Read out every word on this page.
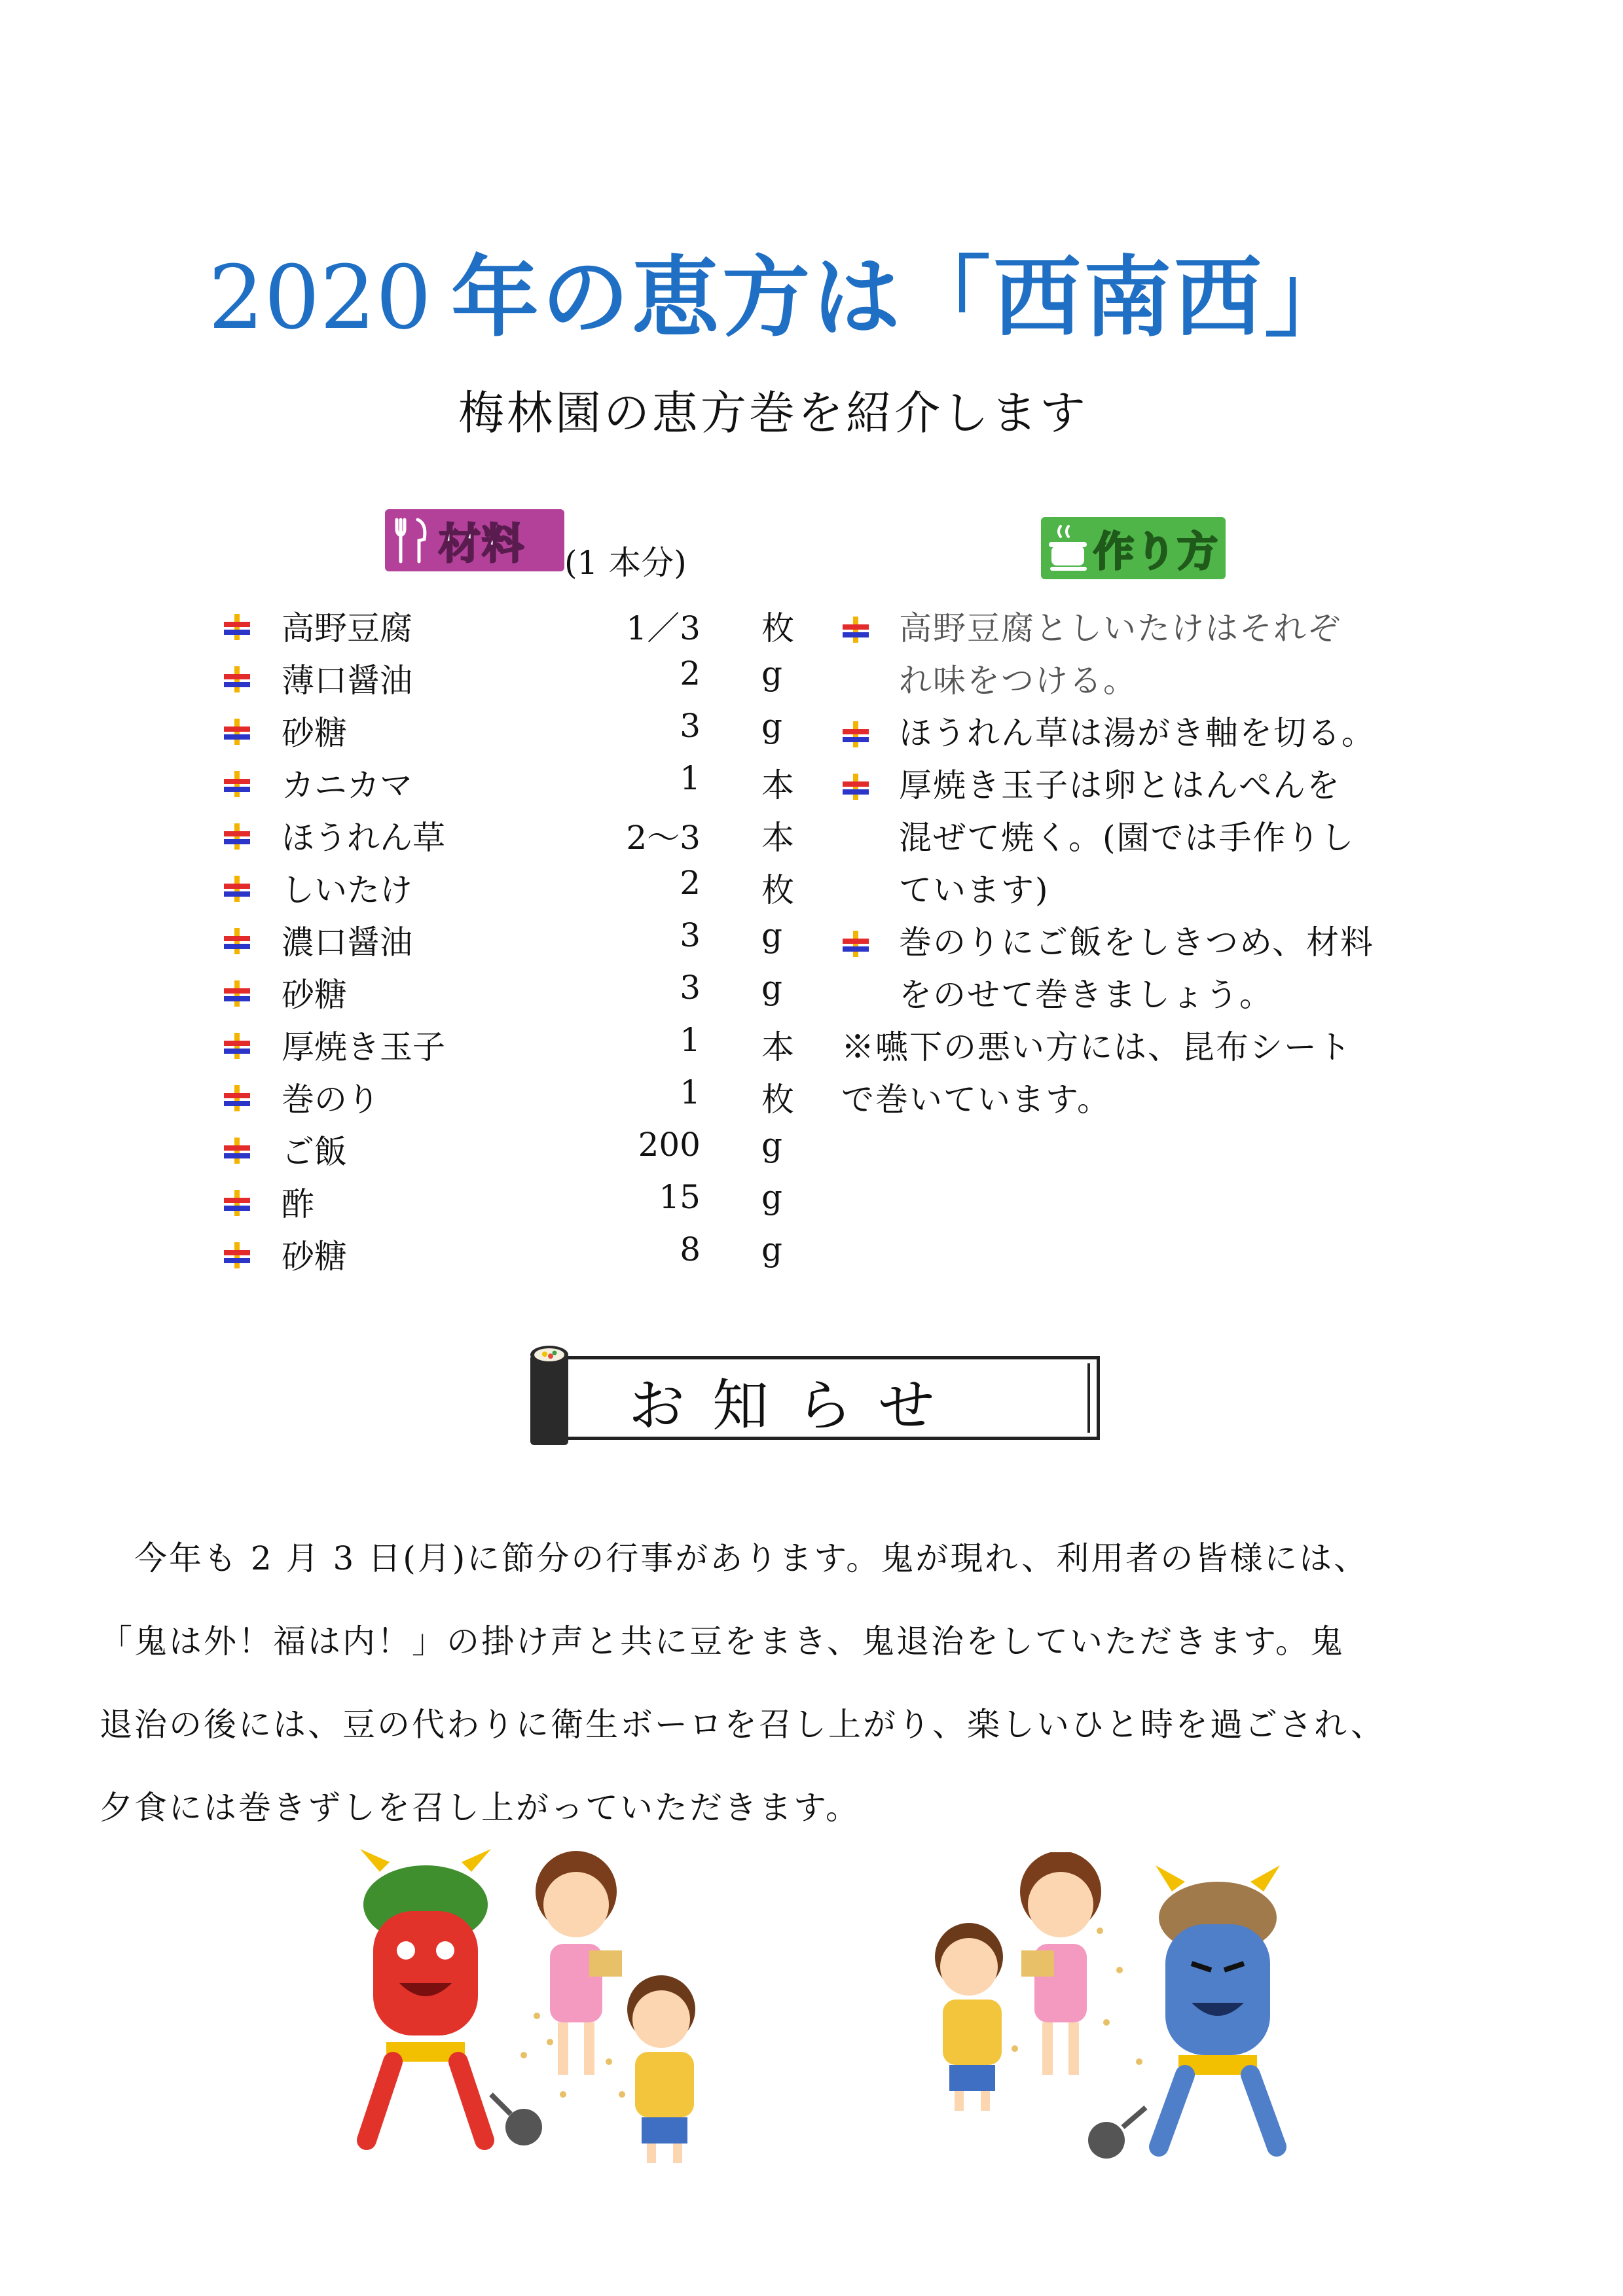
2020 年の恵方は「西南西」
梅林園の恵方巻を紹介します
材料 (1 本分)	作り方
高野豆腐	1／3 枚
薄口醤油	2 g
砂糖	3 g
カニカマ	1 本
ほうれん草	2〜3 本
しいたけ	2 枚
濃口醤油	3 g
砂糖	3 g
厚焼き玉子	1 本
巻のり	1 枚
ご飯	200 g
酢	15 g
砂糖	8 g
高野豆腐としいたけはそれぞ
れ味をつける。
ほうれん草は湯がき軸を切る。
厚焼き玉子は卵とはんぺんを
混ぜて焼く。(園では手作りし
ています)
巻のりにご飯をしきつめ、材料
をのせて巻きましょう。
※嚥下の悪い方には、昆布シート
で巻いています。
お知らせ

　今年も 2 月 3 日(月)に節分の行事があります。鬼が現れ、利用者の皆様には、

「鬼は外！福は内！」の掛け声と共に豆をまき、鬼退治をしていただきます。鬼

退治の後には、豆の代わりに衛生ボーロを召し上がり、楽しいひと時を過ごされ、

夕食には巻きずしを召し上がっていただきます。
